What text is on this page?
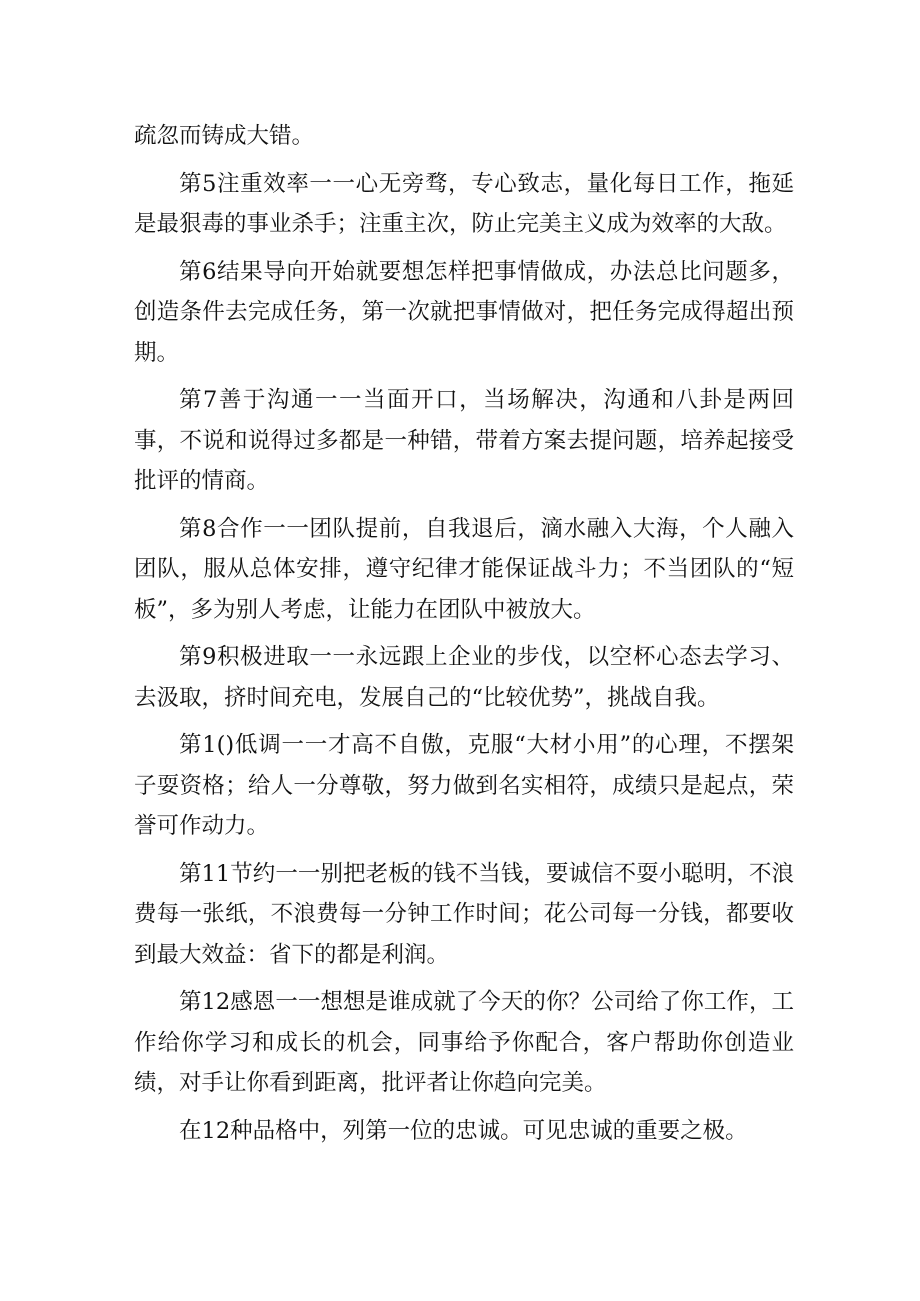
疏忽而铸成大错。

第5注重效率一一心无旁骛，专心致志，量化每日工作，拖延是最狠毒的事业杀手；注重主次，防止完美主义成为效率的大敌。

第6结果导向开始就要想怎样把事情做成，办法总比问题多，创造条件去完成任务，第一次就把事情做对，把任务完成得超出预期。

第7善于沟通一一当面开口，当场解决，沟通和八卦是两回事，不说和说得过多都是一种错，带着方案去提问题，培养起接受批评的情商。

第8合作一一团队提前，自我退后，滴水融入大海，个人融入团队，服从总体安排，遵守纪律才能保证战斗力；不当团队的“短板”，多为别人考虑，让能力在团队中被放大。

第9积极进取一一永远跟上企业的步伐，以空杯心态去学习、去汲取，挤时间充电，发展自己的“比较优势”，挑战自我。

第1()低调一一才高不自傲，克服“大材小用”的心理，不摆架子耍资格；给人一分尊敬，努力做到名实相符，成绩只是起点，荣誉可作动力。

第11节约一一别把老板的钱不当钱，要诚信不耍小聪明，不浪费每一张纸，不浪费每一分钟工作时间；花公司每一分钱，都要收到最大效益：省下的都是利润。

第12感恩一一想想是谁成就了今天的你？公司给了你工作，工作给你学习和成长的机会，同事给予你配合，客户帮助你创造业绩，对手让你看到距离，批评者让你趋向完美。

在12种品格中，列第一位的忠诚。可见忠诚的重要之极。
